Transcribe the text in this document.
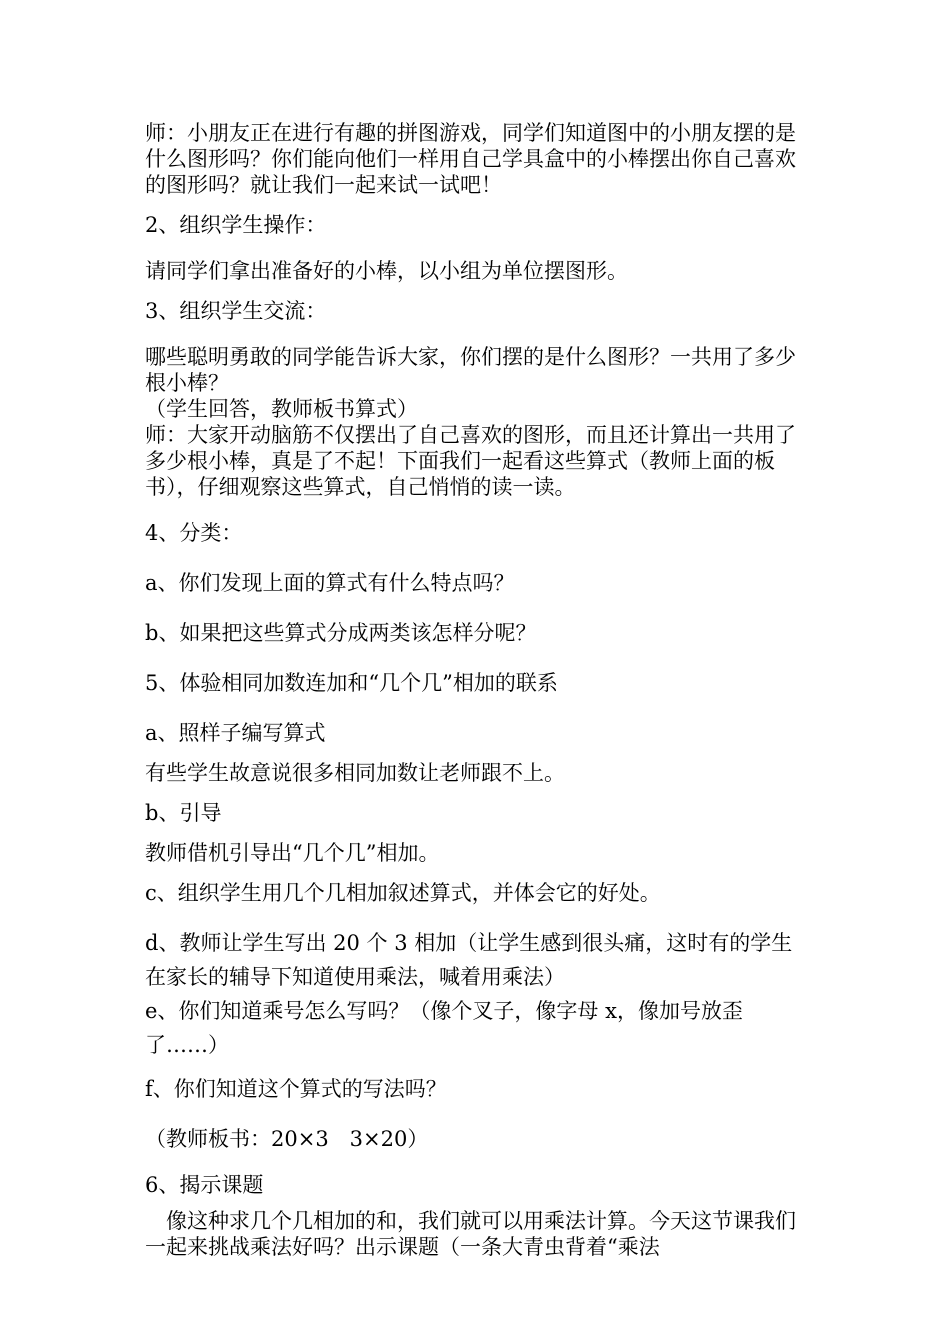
师：小朋友正在进行有趣的拼图游戏，同学们知道图中的小朋友摆的是什么图形吗？你们能向他们一样用自己学具盒中的小棒摆出你自己喜欢的图形吗？就让我们一起来试一试吧！

2、组织学生操作：

请同学们拿出准备好的小棒，以小组为单位摆图形。

3、组织学生交流：

哪些聪明勇敢的同学能告诉大家，你们摆的是什么图形？一共用了多少根小棒？

（学生回答，教师板书算式）

师：大家开动脑筋不仅摆出了自己喜欢的图形，而且还计算出一共用了多少根小棒，真是了不起！下面我们一起看这些算式（教师上面的板书），仔细观察这些算式，自己悄悄的读一读。

4、分类：

a、你们发现上面的算式有什么特点吗？

b、如果把这些算式分成两类该怎样分呢？

5、体验相同加数连加和“几个几”相加的联系

a、照样子编写算式

有些学生故意说很多相同加数让老师跟不上。

b、引导

教师借机引导出“几个几”相加。

c、组织学生用几个几相加叙述算式，并体会它的好处。

d、教师让学生写出 20 个 3 相加（让学生感到很头痛，这时有的学生在家长的辅导下知道使用乘法，喊着用乘法）

e、你们知道乘号怎么写吗？（像个叉子，像字母 x，像加号放歪了……）

f、你们知道这个算式的写法吗？

（教师板书：20×3　3×20）

6、揭示课题

　像这种求几个几相加的和，我们就可以用乘法计算。今天这节课我们一起来挑战乘法好吗？出示课题（一条大青虫背着“乘法
